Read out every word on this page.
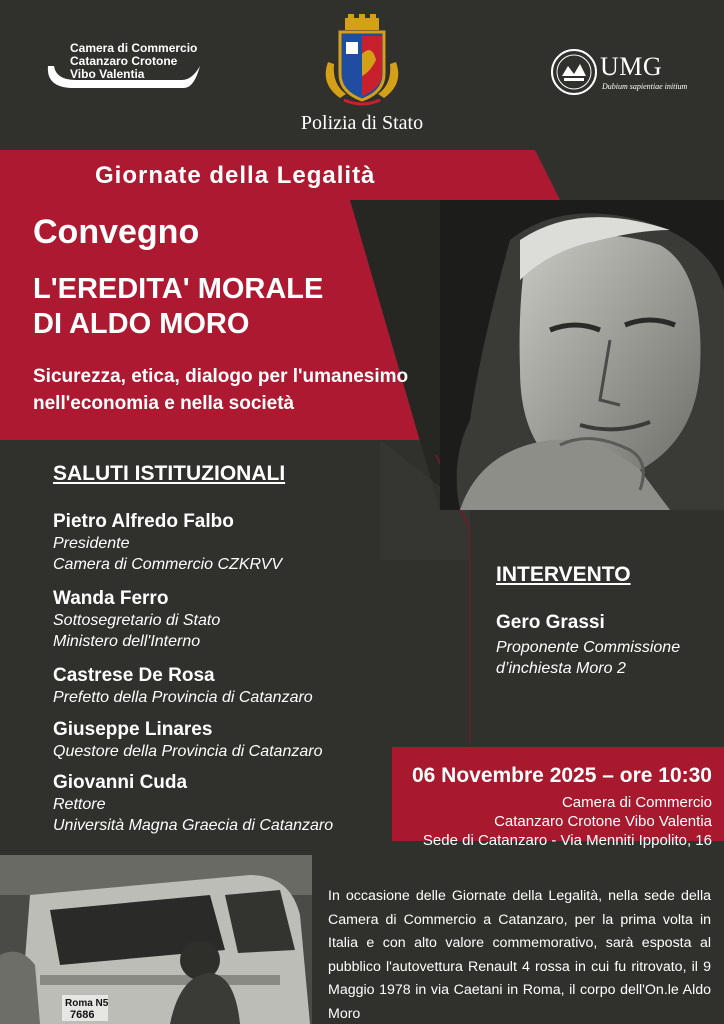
Camera di Commercio
Catanzaro Crotone
Vibo Valentia
Polizia di Stato
UMG
Dubium sapientiae initium
Giornate della Legalità
Convegno
L'EREDITA' MORALE
DI ALDO MORO
Sicurezza, etica, dialogo per l'umanesimo
nell'economia e nella società
SALUTI ISTITUZIONALI
Pietro Alfredo Falbo
Presidente
Camera di Commercio CZKRVV
Wanda Ferro
Sottosegretario di Stato
Ministero dell'Interno
Castrese De Rosa
Prefetto della Provincia di Catanzaro
Giuseppe Linares
Questore della Provincia di Catanzaro
Giovanni Cuda
Rettore
Università Magna Graecia di Catanzaro
INTERVENTO
Gero Grassi
Proponente Commissione
d’inchiesta Moro 2
06 Novembre 2025 – ore 10:30
Camera di Commercio
Catanzaro Crotone Vibo Valentia
Sede di Catanzaro - Via Menniti Ippolito, 16
Roma N5
7686
In occasione delle Giornate della Legalità, nella sede della Camera di Commercio a Catanzaro, per la prima volta in Italia e con alto valore commemorativo, sarà esposta al pubblico l'autovettura Renault 4 rossa in cui fu ritrovato, il 9 Maggio 1978 in via Caetani in Roma, il corpo dell'On.le Aldo Moro
